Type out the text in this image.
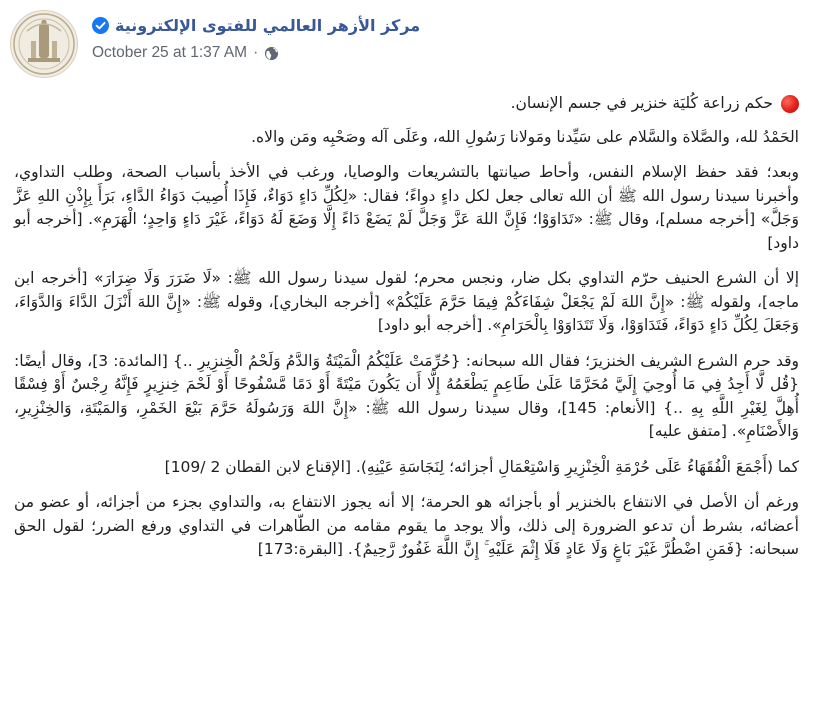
مركز الأزهر العالمي للفتوى الإلكترونية
October 25 at 1:37 AM ·

حكم زراعة كُليَة خنزير في جسم الإنسان.

الحَمْدُ لله، والصَّلاة والسَّلام على سَيِّدنا ومَولانا رَسُولِ الله، وعَلَى آله وصَحْبِه ومَن والاه.

وبعد؛ فقد حفظ الإسلام النفس، وأحاط صيانتها بالتشريعات والوصايا، ورغب في الأخذ بأسباب الصحة، وطلب التداوي، وأخبرنا سيدنا رسول الله ﷺ أن الله تعالى جعل لكل داءٍ دواءً؛ فقال: «لِكُلِّ دَاءٍ دَوَاءٌ، فَإِذَا أُصِيبَ دَوَاءُ الدَّاءِ، بَرَأَ بِإِذْنِ اللهِ عَزَّ وَجَلَّ» [أخرجه مسلم]، وقال ﷺ: «تَدَاوَوْا؛ فَإِنَّ اللهَ عَزَّ وَجَلَّ لَمْ يَضَعْ دَاءً إِلَّا وَضَعَ لَهُ دَوَاءً، غَيْرَ دَاءٍ وَاحِدٍ؛ الْهَرَمِ». [أخرجه أبو داود]

إلا أن الشرع الحنيف حرّم التداوي بكل ضار، ونجس محرم؛ لقول سيدنا رسول الله ﷺ: «لَا ضَرَرَ وَلَا ضِرَارَ» [أخرجه ابن ماجه]، ولقوله ﷺ: «إِنَّ اللهَ لَمْ يَجْعَلْ شِفَاءَكُمْ فِيمَا حَرَّمَ عَلَيْكُمْ» [أخرجه البخاري]، وقوله ﷺ: «إِنَّ اللهَ أَنْزَلَ الدَّاءَ وَالدَّوَاءَ، وَجَعَلَ لِكُلِّ دَاءٍ دَوَاءً، فَتَدَاوَوْا، وَلَا تَتَدَاوَوْا بِالْحَرَامِ». [أخرجه أبو داود]

وقد حرم الشرع الشريف الخنزيرَ؛ فقال الله سبحانه: {حُرِّمَتْ عَلَيْكُمُ الْمَيْتَةُ وَالدَّمُ وَلَحْمُ الْخِنزِيرِ ..} [المائدة: 3]، وقال أيضًا: {قُل لَّا أَجِدُ فِي مَا أُوحِيَ إِلَيَّ مُحَرَّمًا عَلَىٰ طَاعِمٍ يَطْعَمُهُ إِلَّا أَن يَكُونَ مَيْتَةً أَوْ دَمًا مَّسْفُوحًا أَوْ لَحْمَ خِنزِيرٍ فَإِنَّهُ رِجْسٌ أَوْ فِسْقًا أُهِلَّ لِغَيْرِ اللَّهِ بِهِ ..} [الأنعام: 145]، وقال سيدنا رسول الله ﷺ: «إِنَّ اللهَ وَرَسُولَهُ حَرَّمَ بَيْعَ الخَمْرِ، وَالمَيْتَةِ، وَالخِنْزِيرِ، وَالأَصْنَامِ». [متفق عليه]

كما (أَجْمَعَ الْفُقَهَاءُ عَلَى حُرْمَةِ الْخِنْزِيرِ وَاسْتِعْمَالِ أجزائه؛ لِنَجَاسَةِ عَيْنِهِ). [الإقناع لابن القطان 2 /109]

ورغم أن الأصل في الانتفاع بالخنزير أو بأجزائه هو الحرمة؛ إلا أنه يجوز الانتفاع به، والتداوي بجزء من أجزائه، أو عضو من أعضائه، بشرط أن تدعو الضرورة إلى ذلك، وألا يوجد ما يقوم مقامه من الطّاهرات في التداوي ورفع الضرر؛ لقول الحق سبحانه: {فَمَنِ اضْطُرَّ غَيْرَ بَاغٍ وَلَا عَادٍ فَلَا إِثْمَ عَلَيْهِ ۚ إِنَّ اللَّهَ غَفُورٌ رَّحِيمٌ}. [البقرة:173]
